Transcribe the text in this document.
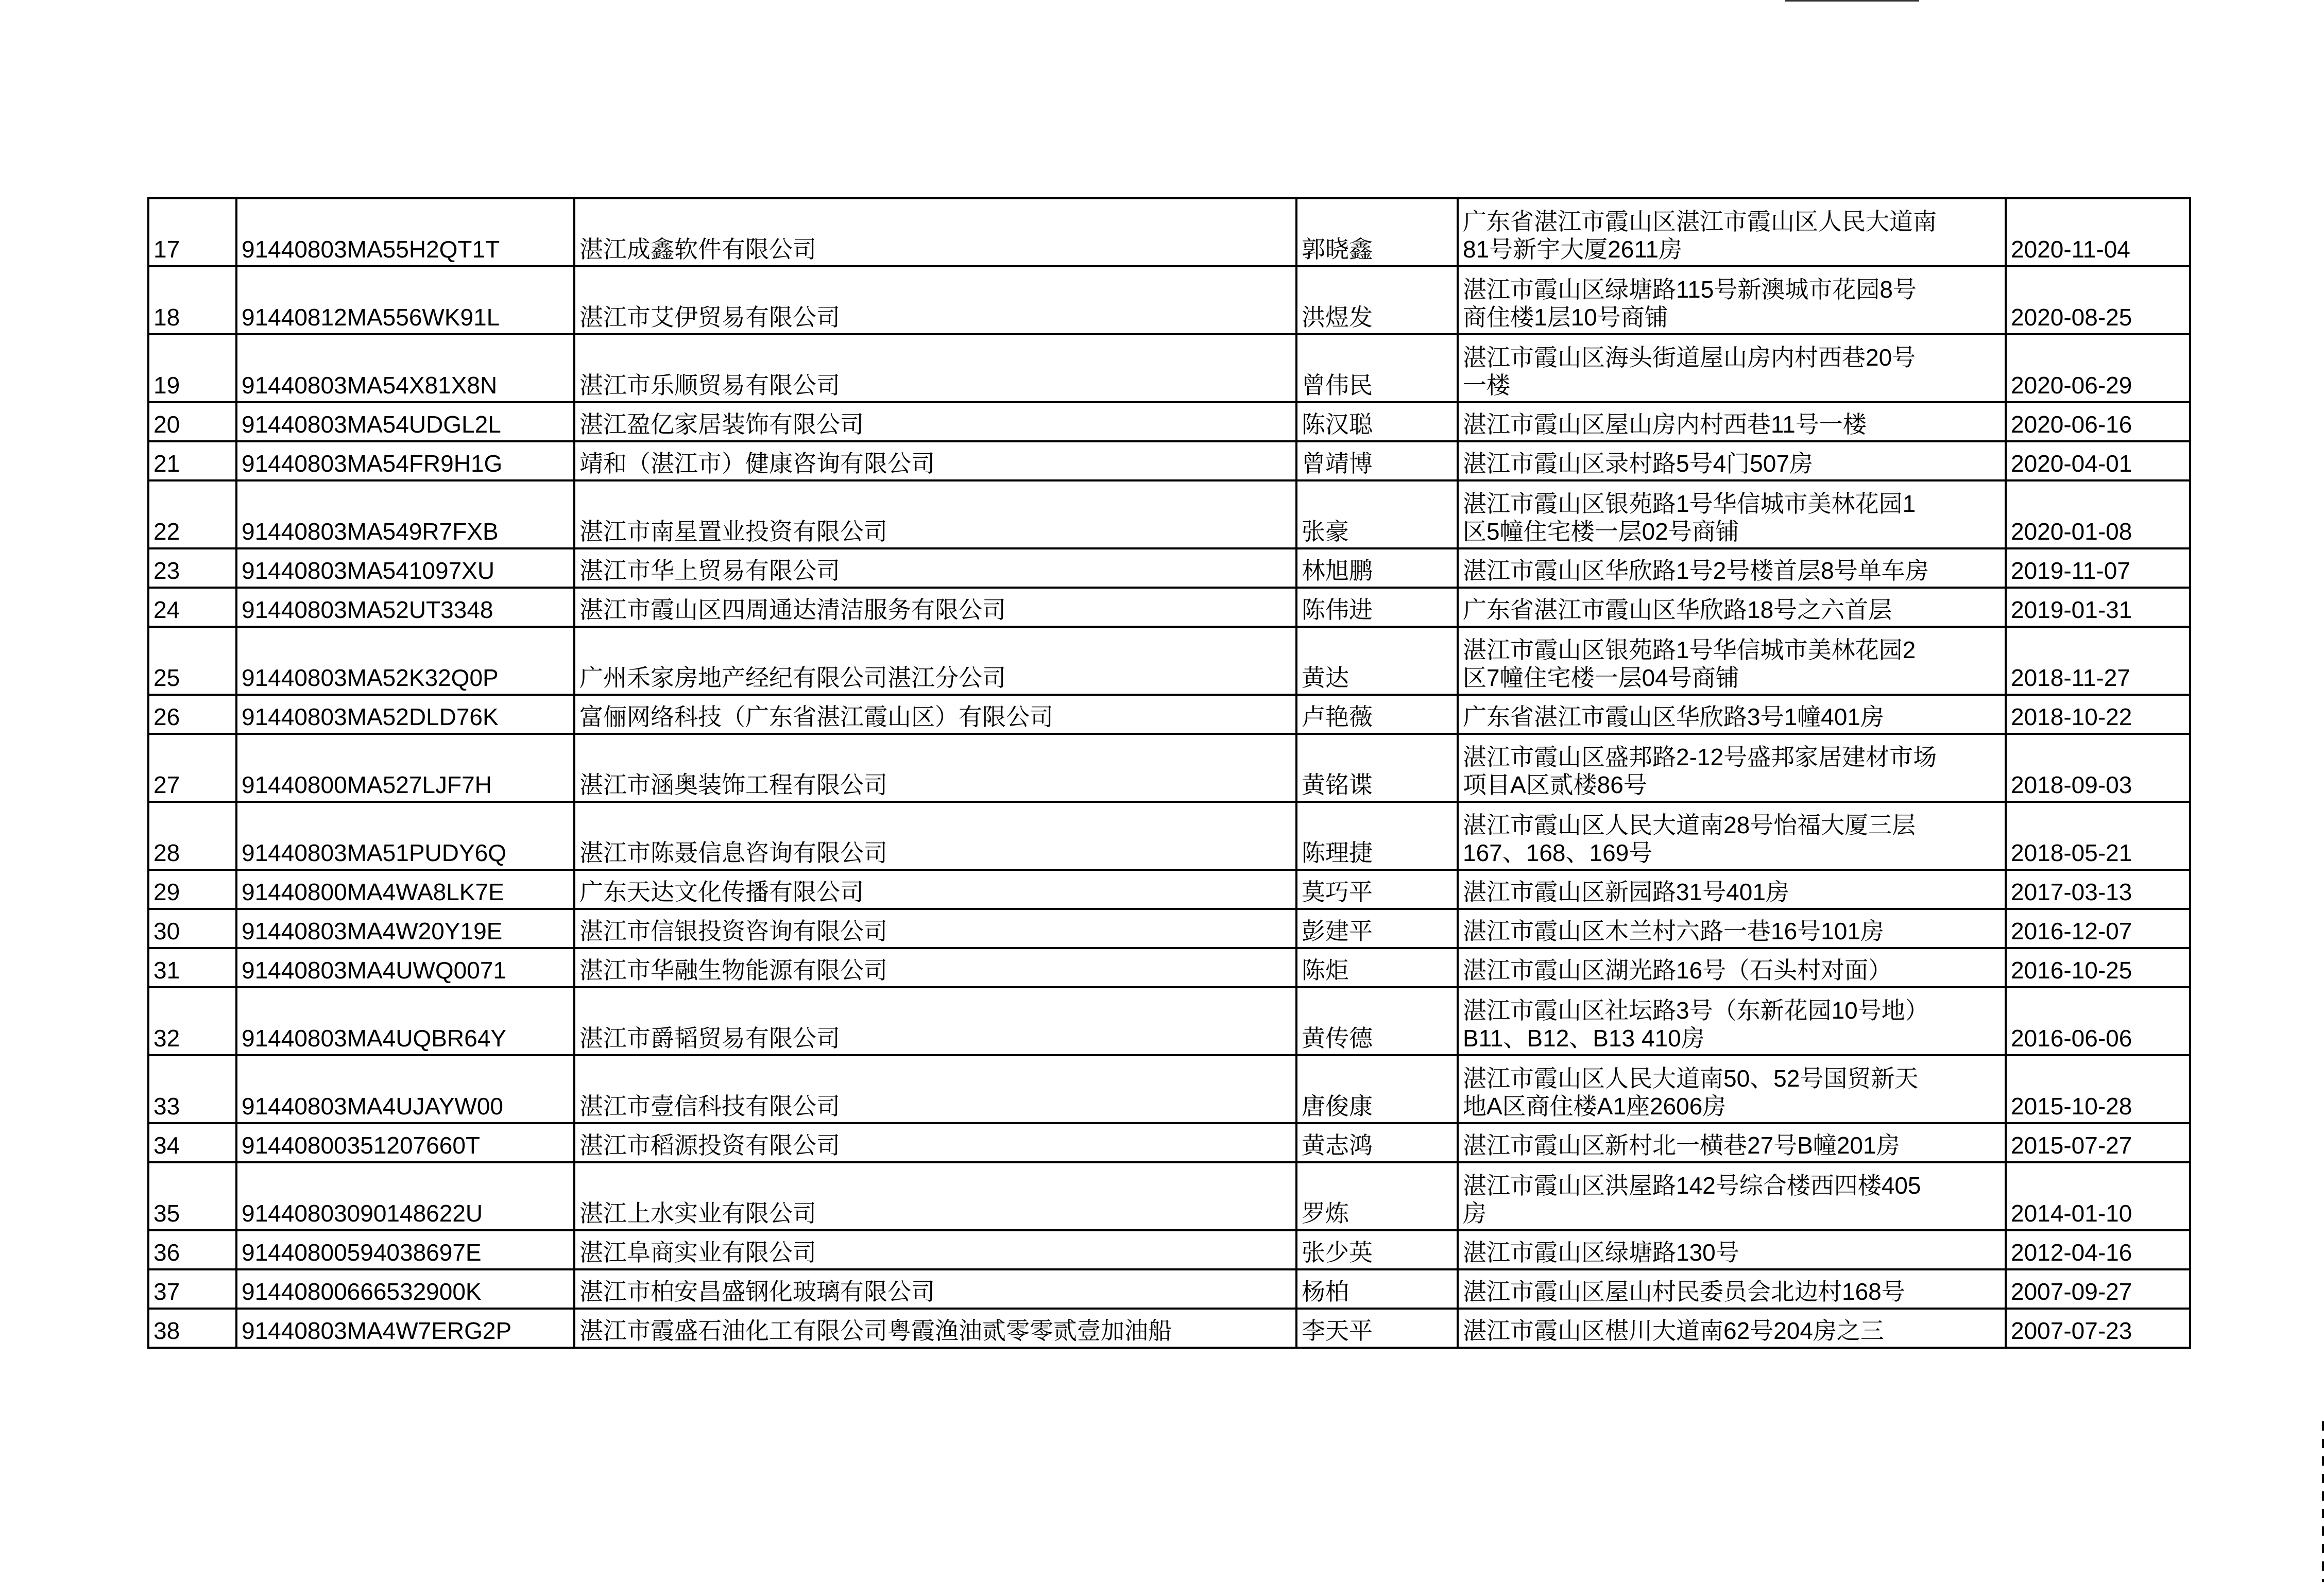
17	91440803MA55H2QT1T	湛江成鑫软件有限公司	郭晓鑫	广东省湛江市霞山区湛江市霞山区人民大道南
81号新宇大厦2611房	2020-11-04
18	91440812MA556WK91L	湛江市艾伊贸易有限公司	洪煜发	湛江市霞山区绿塘路115号新澳城市花园8号
商住楼1层10号商铺	2020-08-25
19	91440803MA54X81X8N	湛江市乐顺贸易有限公司	曾伟民	湛江市霞山区海头街道屋山房内村西巷20号
一楼	2020-06-29
20	91440803MA54UDGL2L	湛江盈亿家居装饰有限公司	陈汉聪	湛江市霞山区屋山房内村西巷11号一楼	2020-06-16
21	91440803MA54FR9H1G	靖和（湛江市）健康咨询有限公司	曾靖博	湛江市霞山区录村路5号4门507房	2020-04-01
22	91440803MA549R7FXB	湛江市南星置业投资有限公司	张豪	湛江市霞山区银苑路1号华信城市美林花园1
区5幢住宅楼一层02号商铺	2020-01-08
23	91440803MA541097XU	湛江市华上贸易有限公司	林旭鹏	湛江市霞山区华欣路1号2号楼首层8号单车房	2019-11-07
24	91440803MA52UT3348	湛江市霞山区四周通达清洁服务有限公司	陈伟进	广东省湛江市霞山区华欣路18号之六首层	2019-01-31
25	91440803MA52K32Q0P	广州禾家房地产经纪有限公司湛江分公司	黄达	湛江市霞山区银苑路1号华信城市美林花园2
区7幢住宅楼一层04号商铺	2018-11-27
26	91440803MA52DLD76K	富俪网络科技（广东省湛江霞山区）有限公司	卢艳薇	广东省湛江市霞山区华欣路3号1幢401房	2018-10-22
27	91440800MA527LJF7H	湛江市涵奥装饰工程有限公司	黄铭谍	湛江市霞山区盛邦路2-12号盛邦家居建材市场
项目A区贰楼86号	2018-09-03
28	91440803MA51PUDY6Q	湛江市陈聂信息咨询有限公司	陈理捷	湛江市霞山区人民大道南28号怡福大厦三层
167、168、169号	2018-05-21
29	91440800MA4WA8LK7E	广东天达文化传播有限公司	莫巧平	湛江市霞山区新园路31号401房	2017-03-13
30	91440803MA4W20Y19E	湛江市信银投资咨询有限公司	彭建平	湛江市霞山区木兰村六路一巷16号101房	2016-12-07
31	91440803MA4UWQ0071	湛江市华融生物能源有限公司	陈炬	湛江市霞山区湖光路16号（石头村对面）	2016-10-25
32	91440803MA4UQBR64Y	湛江市爵韬贸易有限公司	黄传德	湛江市霞山区社坛路3号（东新花园10号地）
B11、B12、B13 410房	2016-06-06
33	91440803MA4UJAYW00	湛江市壹信科技有限公司	唐俊康	湛江市霞山区人民大道南50、52号国贸新天
地A区商住楼A1座2606房	2015-10-28
34	91440800351207660T	湛江市稻源投资有限公司	黄志鸿	湛江市霞山区新村北一横巷27号B幢201房	2015-07-27
35	91440803090148622U	湛江上水实业有限公司	罗炼	湛江市霞山区洪屋路142号综合楼西四楼405
房	2014-01-10
36	91440800594038697E	湛江阜商实业有限公司	张少英	湛江市霞山区绿塘路130号	2012-04-16
37	91440800666532900K	湛江市柏安昌盛钢化玻璃有限公司	杨柏	湛江市霞山区屋山村民委员会北边村168号	2007-09-27
38	91440803MA4W7ERG2P	湛江市霞盛石油化工有限公司粤霞渔油贰零零贰壹加油船	李天平	湛江市霞山区椹川大道南62号204房之三	2007-07-23
